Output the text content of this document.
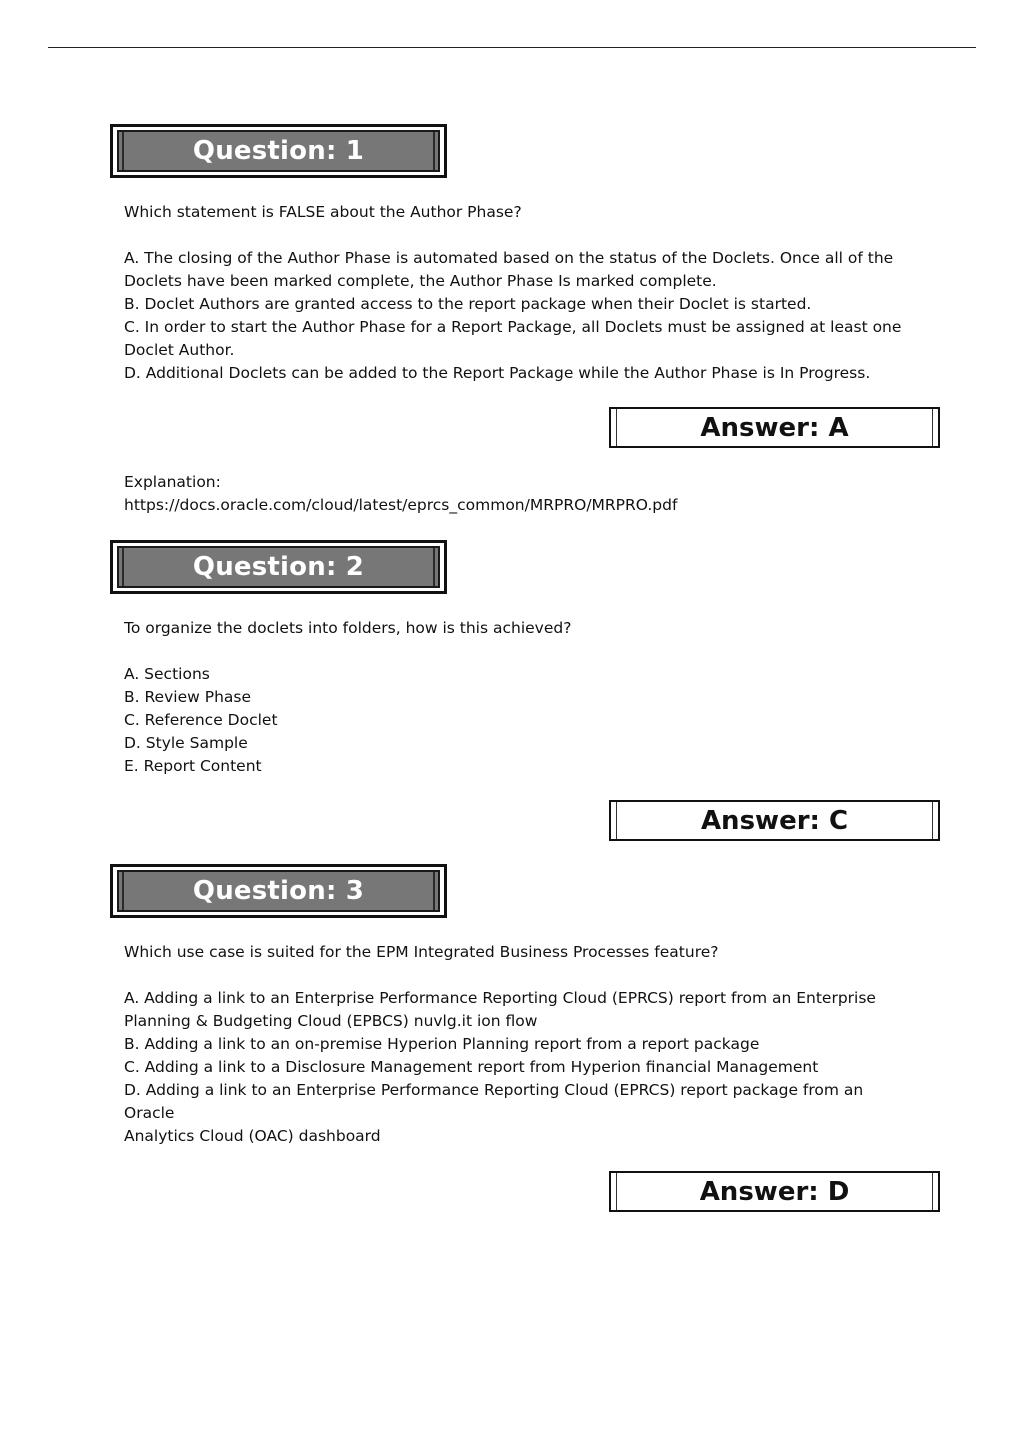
Question: 1

Which statement is FALSE about the Author Phase?

A. The closing of the Author Phase is automated based on the status of the Doclets. Once all of the Doclets have been marked complete, the Author Phase Is marked complete.

B. Doclet Authors are granted access to the report package when their Doclet is started.

C. In order to start the Author Phase for a Report Package, all Doclets must be assigned at least one Doclet Author.

D. Additional Doclets can be added to the Report Package while the Author Phase is In Progress.

Answer: A

Explanation:

https://docs.oracle.com/cloud/latest/eprcs_common/MRPRO/MRPRO.pdf

Question: 2

To organize the doclets into folders, how is this achieved?

A. Sections

B. Review Phase

C. Reference Doclet

D. Style Sample

E. Report Content

Answer: C
Question: 3

Which use case is suited for the EPM Integrated Business Processes feature?

A. Adding a link to an Enterprise Performance Reporting Cloud (EPRCS) report from an Enterprise Planning & Budgeting Cloud (EPBCS) nuvlg.it ion flow

B. Adding a link to an on-premise Hyperion Planning report from a report package

C. Adding a link to a Disclosure Management report from Hyperion financial Management

D. Adding a link to an Enterprise Performance Reporting Cloud (EPRCS) report package from an Oracle

Analytics Cloud (OAC) dashboard

Answer: D
